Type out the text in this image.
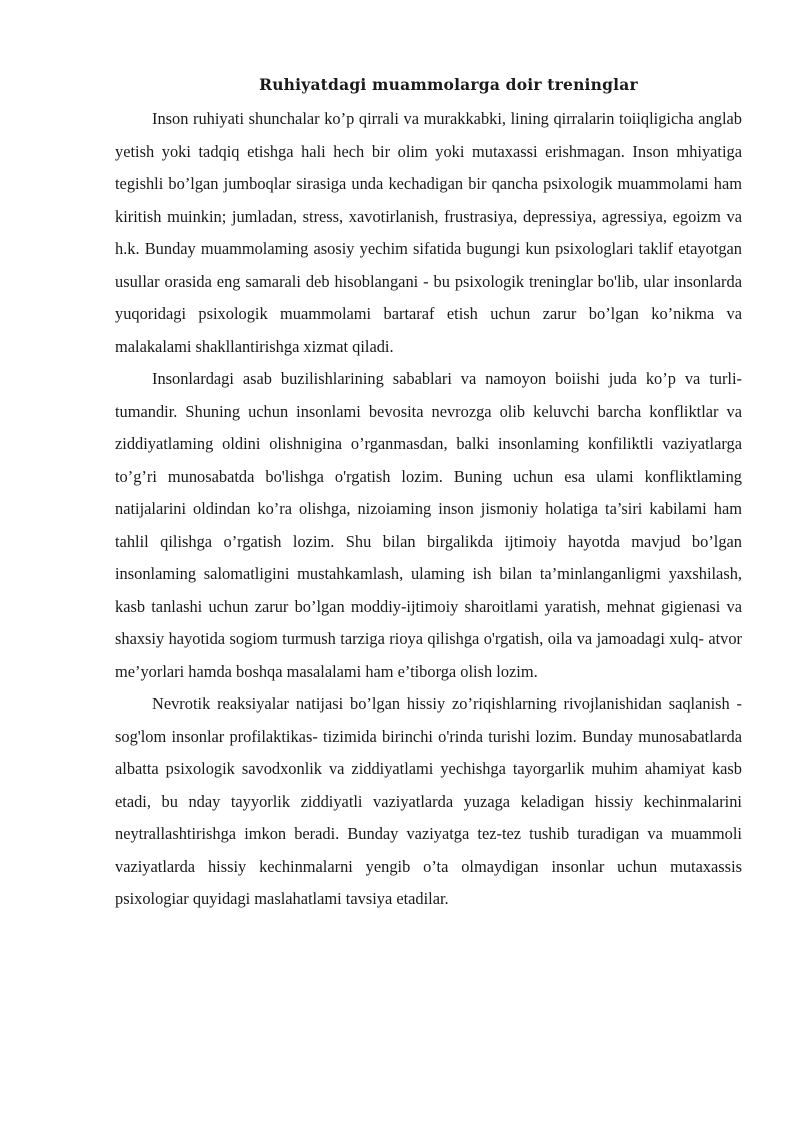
Ruhiyatdagi muammolarga doir treninglar

Inson ruhiyati shunchalar ko’p qirrali va murakkabki, lining qirralarin toiiqligicha anglab yetish yoki tadqiq etishga hali hech bir olim yoki mutaxassi erishmagan. Inson mhiyatiga tegishli bo’lgan jumboqlar sirasiga unda kechadigan bir qancha psixologik muammolami ham kiritish muinkin; jumladan, stress, xavotirlanish, frustrasiya, depressiya, agressiya, egoizm va h.k. Bunday muammolaming asosiy yechim sifatida bugungi kun psixologlari taklif etayotgan usullar orasida eng samarali deb hisoblangani - bu psixologik treninglar bo'lib, ular insonlarda yuqoridagi psixologik muammolami bartaraf etish uchun zarur bo’lgan ko’nikma va malakalami shakllantirishga xizmat qiladi.

Insonlardagi asab buzilishlarining sabablari va namoyon boiishi juda ko’p va turli-tumandir. Shuning uchun insonlami bevosita nevrozga olib keluvchi barcha konfliktlar va ziddiyatlaming oldini olishnigina o’rganmasdan, balki insonlaming konfiliktli vaziyatlarga to’g’ri munosabatda bo'lishga o'rgatish lozim. Buning uchun esa ulami konfliktlaming natijalarini oldindan ko’ra olishga, nizoiaming inson jismoniy holatiga ta’siri kabilami ham tahlil qilishga o’rgatish lozim. Shu bilan birgalikda ijtimoiy hayotda mavjud bo’lgan insonlaming salomatligini mustahkamlash, ulaming ish bilan ta’minlanganligmi yaxshilash, kasb tanlashi uchun zarur bo’lgan moddiy-ijtimoiy sharoitlami yaratish, mehnat gigienasi va shaxsiy hayotida sogiom turmush tarziga rioya qilishga o'rgatish, oila va jamoadagi xulq- atvor me’yorlari hamda boshqa masalalami ham e’tiborga olish lozim.

Nevrotik reaksiyalar natijasi bo’lgan hissiy zo’riqishlarning rivojlanishidan saqlanish - sog'lom insonlar profilaktikas- tizimida birinchi o'rinda turishi lozim. Bunday munosabatlarda albatta psixologik savodxonlik va ziddiyatlami yechishga tayorgarlik muhim ahamiyat kasb etadi, bu nday tayyorlik ziddiyatli vaziyatlarda yuzaga keladigan hissiy kechinmalarini neytrallashtirishga imkon beradi. Bunday vaziyatga tez-tez tushib turadigan va muammoli vaziyatlarda hissiy kechinmalarni yengib o’ta olmaydigan insonlar uchun mutaxassis psixologiar quyidagi maslahatlami tavsiya etadilar.
